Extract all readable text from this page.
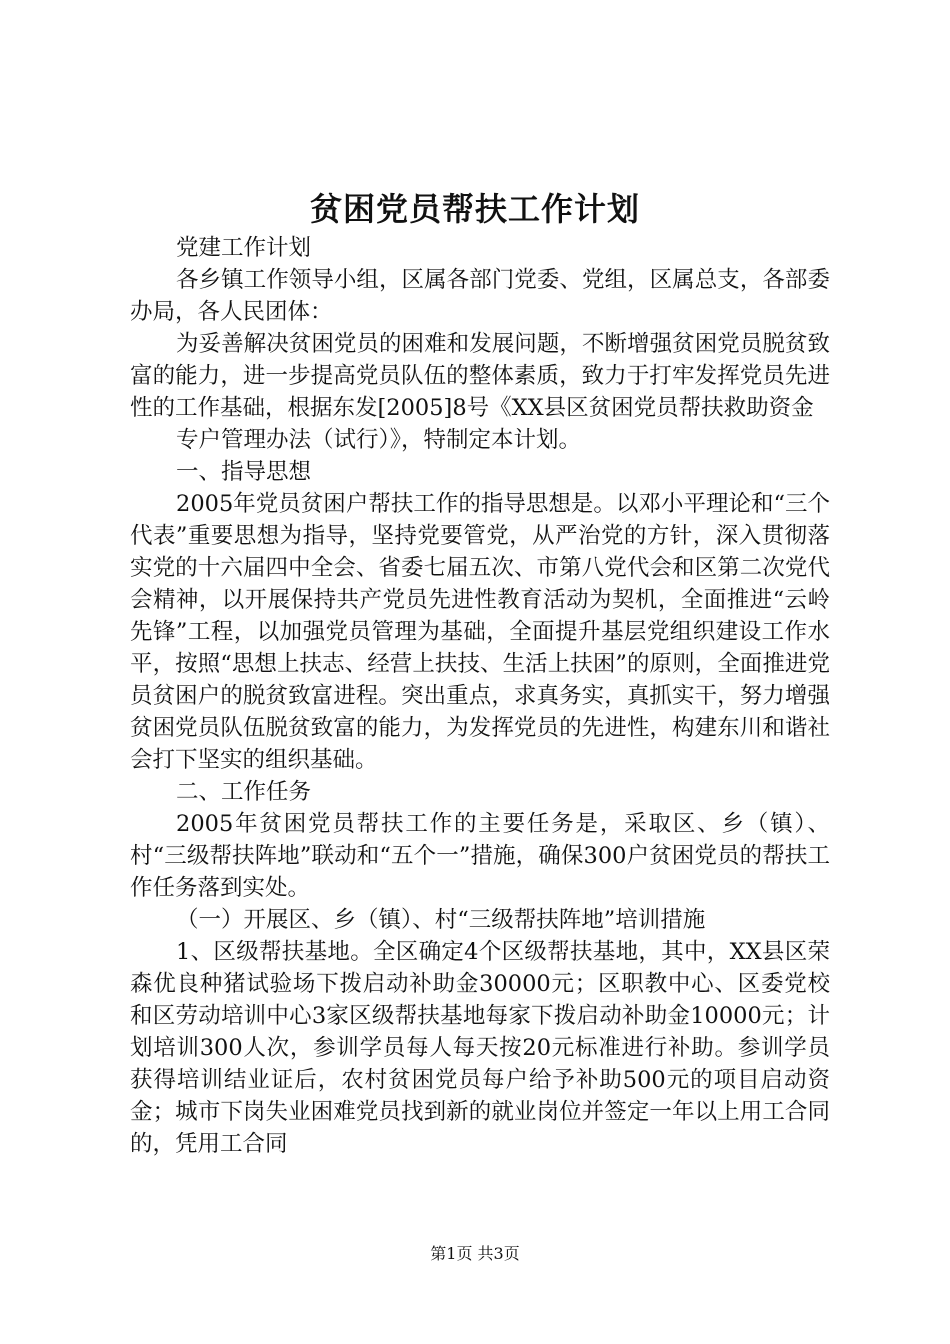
贫困党员帮扶工作计划

党建工作计划

各乡镇工作领导小组，区属各部门党委、党组，区属总支，各部委办局，各人民团体：

为妥善解决贫困党员的困难和发展问题，不断增强贫困党员脱贫致富的能力，进一步提高党员队伍的整体素质，致力于打牢发挥党员先进性的工作基础，根据东发[2005]8号《XX县区贫困党员帮扶救助资金

专户管理办法（试行）》，特制定本计划。

一、指导思想

2005年党员贫困户帮扶工作的指导思想是。以邓小平理论和“三个代表”重要思想为指导，坚持党要管党，从严治党的方针，深入贯彻落实党的十六届四中全会、省委七届五次、市第八党代会和区第二次党代会精神，以开展保持共产党员先进性教育活动为契机，全面推进“云岭先锋”工程，以加强党员管理为基础，全面提升基层党组织建设工作水平，按照“思想上扶志、经营上扶技、生活上扶困”的原则，全面推进党员贫困户的脱贫致富进程。突出重点，求真务实，真抓实干，努力增强贫困党员队伍脱贫致富的能力，为发挥党员的先进性，构建东川和谐社会打下坚实的组织基础。

二、工作任务

2005年贫困党员帮扶工作的主要任务是，采取区、乡（镇）、村“三级帮扶阵地”联动和“五个一”措施，确保300户贫困党员的帮扶工作任务落到实处。

（一）开展区、乡（镇）、村“三级帮扶阵地”培训措施

1、区级帮扶基地。全区确定4个区级帮扶基地，其中，XX县区荣森优良种猪试验场下拨启动补助金30000元；区职教中心、区委党校和区劳动培训中心3家区级帮扶基地每家下拨启动补助金10000元；计划培训300人次，参训学员每人每天按20元标准进行补助。参训学员获得培训结业证后，农村贫困党员每户给予补助500元的项目启动资金；城市下岗失业困难党员找到新的就业岗位并签定一年以上用工合同的，凭用工合同

第1页 共3页
